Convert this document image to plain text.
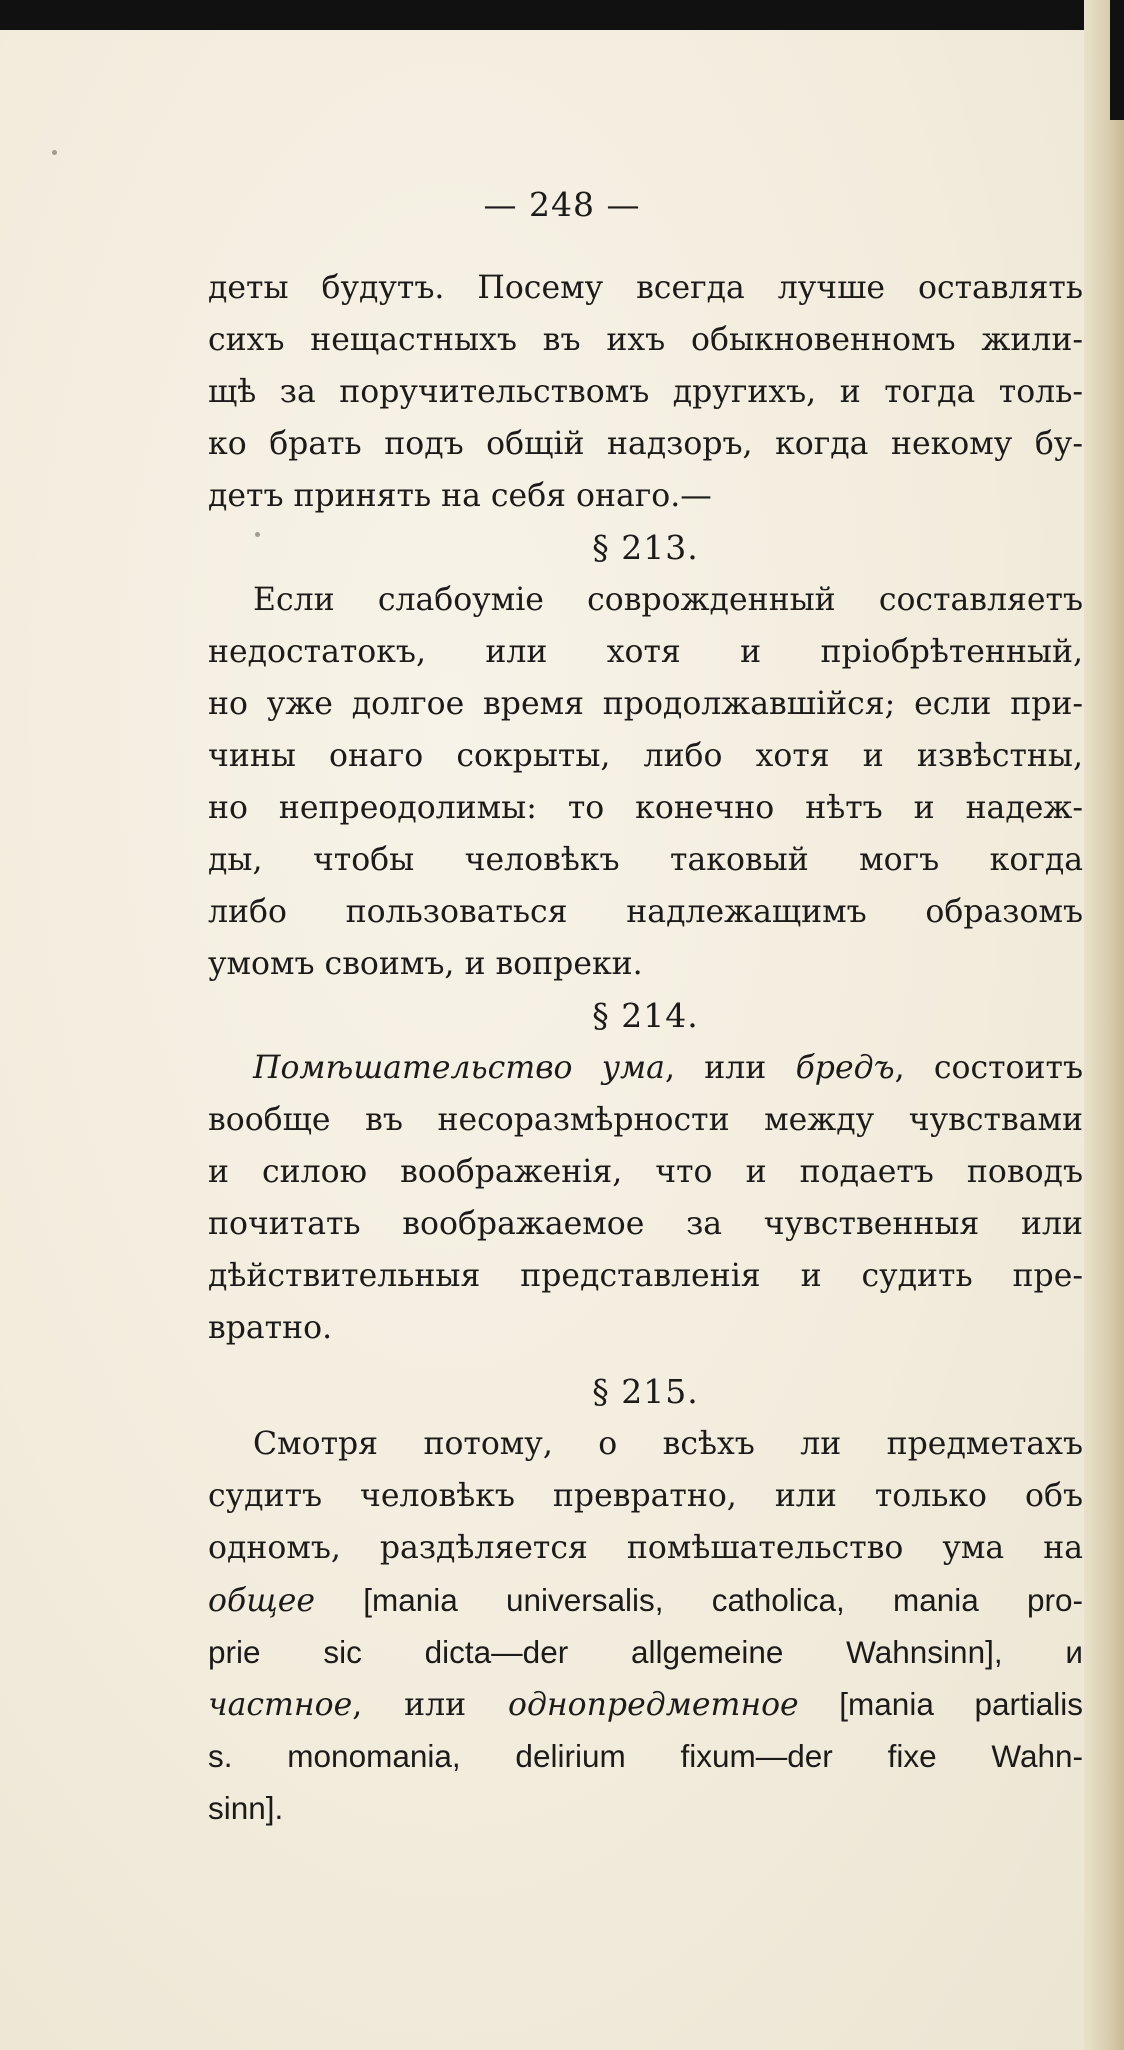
— 248 —
деты будутъ. Посему всегда лучше оставлять
сихъ нещастныхъ въ ихъ обыкновенномъ жили-
щѣ за поручительствомъ другихъ, и тогда толь-
ко брать подъ общій надзоръ, когда некому бу-
детъ принять на себя онаго.—
§ 213.
Если слабоуміе соврожденный составляетъ
недостатокъ, или хотя и пріобрѣтенный,
но уже долгое время продолжавшійся; если при-
чины онаго сокрыты, либо хотя и извѣстны,
но непреодолимы: то конечно нѣтъ и надеж-
ды, чтобы человѣкъ таковый могъ когда
либо пользоваться надлежащимъ образомъ
умомъ своимъ, и вопреки.
§ 214.
Помѣшательство ума, или бредъ, состоитъ
вообще въ несоразмѣрности между чувствами
и силою воображенія, что и подаетъ поводъ
почитать воображаемое за чувственныя или
дѣйствительныя представленія и судить пре-
вратно.
§ 215.
Смотря потому, о всѣхъ ли предметахъ
судитъ человѣкъ превратно, или только объ
одномъ, раздѣляется помѣшательство ума на
общее [mania universalis, catholica, mania pro-
prie sic dicta—der allgemeine Wahnsinn], и
частное, или однопредметное [mania partialis
s. monomania, delirium fixum—der fixe Wahn-
sinn].
